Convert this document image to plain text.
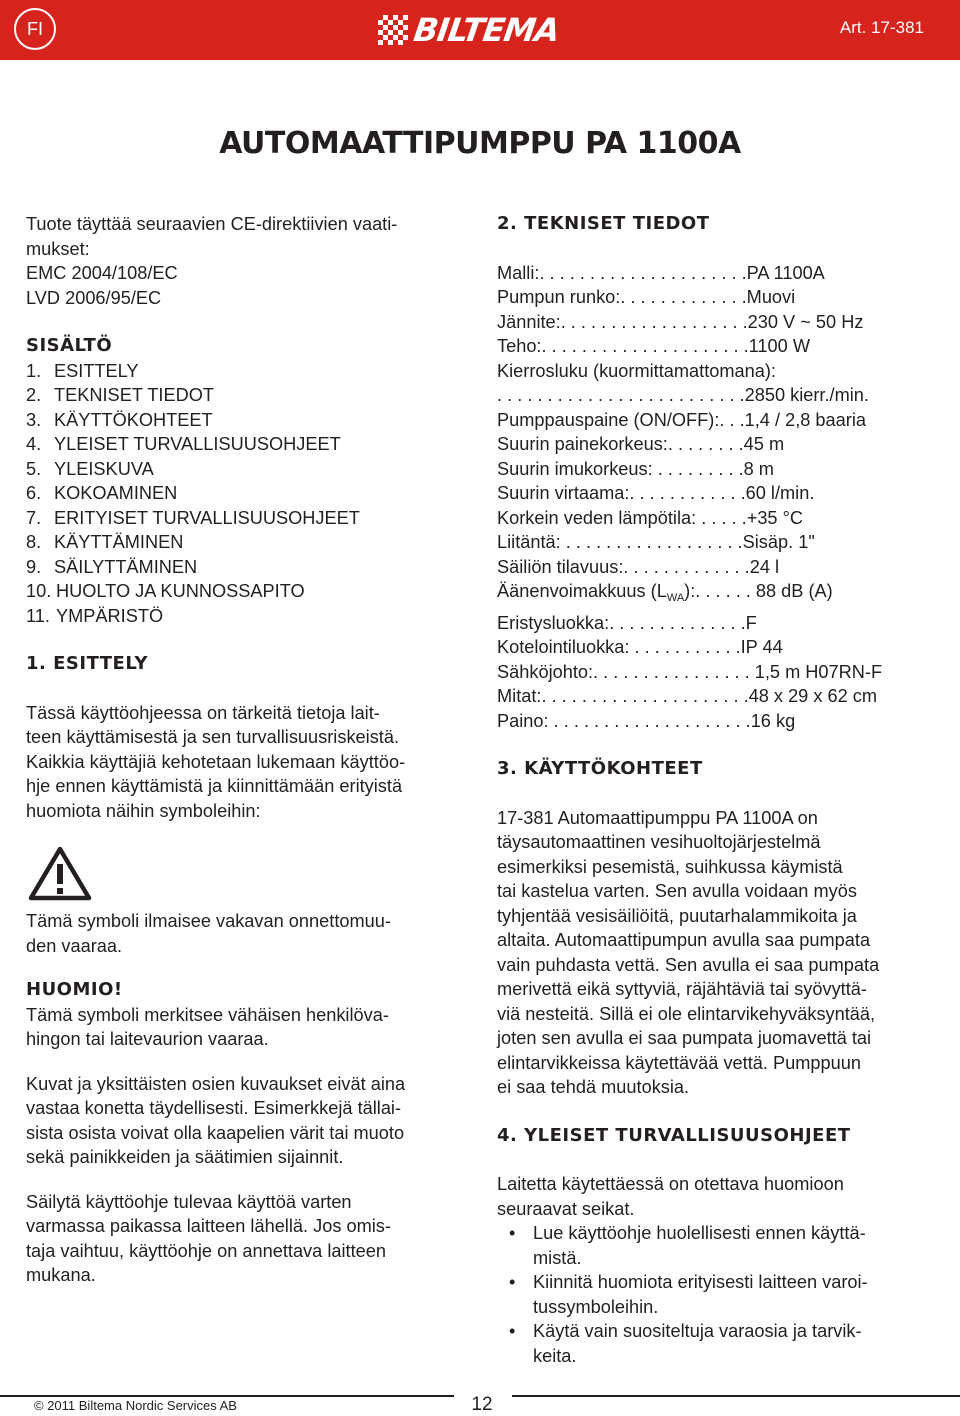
FI	BILTEMA	Art. 17-381
AUTOMAATTIPUMPPU PA 1100A

Tuote täyttää seuraavien CE-direktiivien vaati-

mukset:

EMC 2004/108/EC

LVD 2006/95/EC

SISÄLTÖ
1. ESITTELY
2. TEKNISET TIEDOT
3. KÄYTTÖKOHTEET
4. YLEISET TURVALLISUUSOHJEET
5. YLEISKUVA
6. KOKOAMINEN
7. ERITYISET TURVALLISUUSOHJEET
8. KÄYTTÄMINEN
9. SÄILYTTÄMINEN
10. HUOLTO JA KUNNOSSAPITO
11. YMPÄRISTÖ
1. ESITTELY

Tässä käyttöohjeessa on tärkeitä tietoja lait-

teen käyttämisestä ja sen turvallisuusriskeistä.

Kaikkia käyttäjiä kehotetaan lukemaan käyttöo-

hje ennen käyttämistä ja kiinnittämään erityistä

huomiota näihin symboleihin:

Tämä symboli ilmaisee vakavan onnettomuu-

den vaaraa.

HUOMIO!

Tämä symboli merkitsee vähäisen henkilöva-

hingon tai laitevaurion vaaraa.

Kuvat ja yksittäisten osien kuvaukset eivät aina

vastaa konetta täydellisesti. Esimerkkejä tällai-

sista osista voivat olla kaapelien värit tai muoto

sekä painikkeiden ja säätimien sijainnit.

Säilytä käyttöohje tulevaa käyttöä varten

varmassa paikassa laitteen lähellä. Jos omis-

taja vaihtuu, käyttöohje on annettava laitteen

mukana.

2. TEKNISET TIEDOT
Malli:. . . . . . . . . . . . . . . . . . . . .PA 1100A
Pumpun runko:. . . . . . . . . . . . .Muovi
Jännite:. . . . . . . . . . . . . . . . . . .230 V ~ 50 Hz
Teho:. . . . . . . . . . . . . . . . . . . . .1100 W
Kierrosluku (kuormittamattomana):
. . . . . . . . . . . . . . . . . . . . . . . . .2850 kierr./min.
Pumppauspaine (ON/OFF):. . .1,4 / 2,8 baaria
Suurin painekorkeus:. . . . . . . .45 m
Suurin imukorkeus: . . . . . . . . .8 m
Suurin virtaama:. . . . . . . . . . . .60 l/min.
Korkein veden lämpötila: . . . . .+35 °C
Liitäntä: . . . . . . . . . . . . . . . . . .Sisäp. 1"
Säiliön tilavuus:. . . . . . . . . . . . .24 l
Äänenvoimakkuus $(L_{WA})$:. . . . . . 88 dB (A)
Eristysluokka:. . . . . . . . . . . . . .F
Kotelointiluokka: . . . . . . . . . . .IP 44
Sähköjohto:. . . . . . . . . . . . . . . . 1,5 m H07RN-F
Mitat:. . . . . . . . . . . . . . . . . . . . .48 x 29 x 62 cm
Paino: . . . . . . . . . . . . . . . . . . . .16 kg
3. KÄYTTÖKOHTEET

17-381 Automaattipumppu PA 1100A on

täysautomaattinen vesihuoltojärjestelmä

esimerkiksi pesemistä, suihkussa käymistä

tai kastelua varten. Sen avulla voidaan myös

tyhjentää vesisäiliöitä, puutarhalammikoita ja

altaita. Automaattipumpun avulla saa pumpata

vain puhdasta vettä. Sen avulla ei saa pumpata

merivettä eikä syttyviä, räjähtäviä tai syövyttä-

viä nesteitä. Sillä ei ole elintarvikehyväksyntää,

joten sen avulla ei saa pumpata juomavettä tai

elintarvikkeissa käytettävää vettä. Pumppuun

ei saa tehdä muutoksia.

4. YLEISET TURVALLISUUSOHJEET

Laitetta käytettäessä on otettava huomioon

seuraavat seikat.

• Lue käyttöohje huolellisesti ennen käyttä-
mistä.
• Kiinnitä huomiota erityisesti laitteen varoi-
tussymboleihin.
• Käytä vain suositeltuja varaosia ja tarvik-
keita.
© 2011 Biltema Nordic Services AB	12
